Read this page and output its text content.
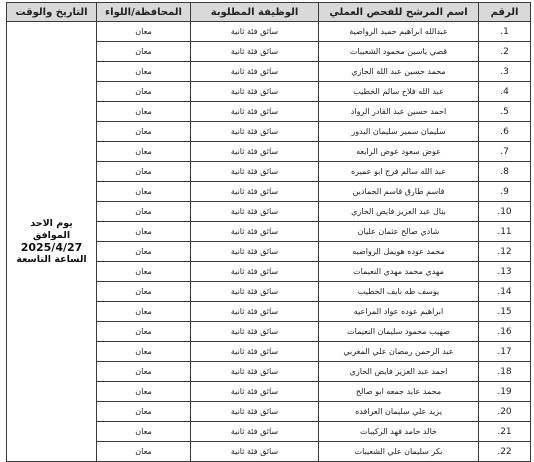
الرقم	اسم المرشح للفحص العملي	الوظيفة المطلوبة	المحافظة/اللواء	التاريخ والوقت
1.	عبدالله ابراهيم حميد الرواضية	سائق فئة ثانية	معان	يوم الاحد
الموافق
2025/4/27
الساعة التاسعة

2.	قصي ياسين محمود الشعيبات	سائق فئة ثانية	معان	
3.	محمد حسين عبد الله الحازي	سائق فئة ثانية	معان	
4.	عبد الله فلاح سالم الخطيب	سائق فئة ثانية	معان	
5.	احمد حسين عبد القادر الرواد	سائق فئة ثانية	معان	
6.	سليمان سمير سليمان البدور	سائق فئة ثانية	معان	
7.	عوض سعود عوض الزايعه	سائق فئة ثانية	معان	
8.	عبد الله سالم فرج ابو عميره	سائق فئة ثانية	معان	
9.	قاسم طارق قاسم الحمادين	سائق فئة ثانية	معان	
10.	بنال عبد العزيز فايض الحازي	سائق فئة ثانية	معان	
11.	شادي صالح عثمان عليان	سائق فئة ثانية	معان	
12.	محمد عوده هويمل الرواضيه	سائق فئة ثانية	معان	
13.	مهدي محمد مهدي النعيمات	سائق فئة ثانية	معان	
14.	يوسف طه نايف الخطيب	سائق فئة ثانية	معان	
15.	ابراهيم عوده عواد المراعيه	سائق فئة ثانية	معان	
16.	صهيب محمود سليمان النعيمات	سائق فئة ثانية	معان	
17.	عبد الرحمن رمضان علي المغربي	سائق فئة ثانية	معان	
18.	احمد عبد العزيز فايض الحازي	سائق فئة ثانية	معان	
19.	محمد عايد جمعه ابو صالح	سائق فئة ثانية	معان	
20.	يزيد علي سليمان العرافده	سائق فئة ثانية	معان	
21.	خالد حامد فهد الركيبات	سائق فئة ثانية	معان	
22.	بكر سليمان علي الشعيبات	سائق فئة ثانية	معان	
